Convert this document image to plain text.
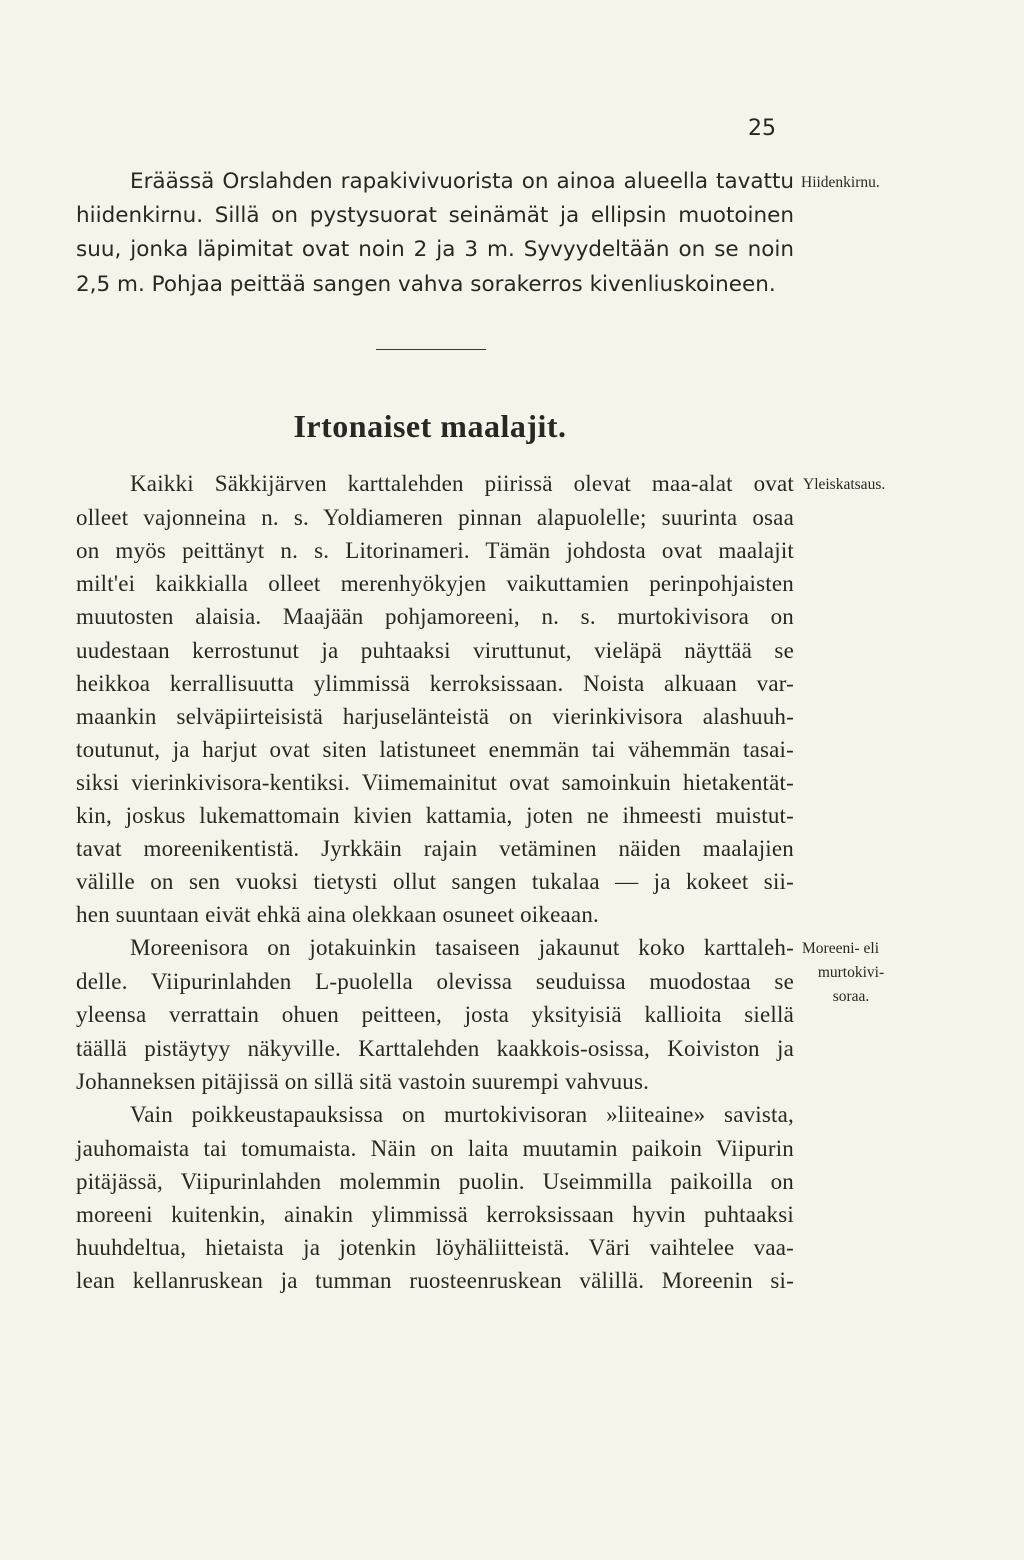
25
Eräässä Orslahden rapakivivuorista on ainoa alueella tavattu
hiidenkirnu. Sillä on pystysuorat seinämät ja ellipsin muotoinen
suu, jonka läpimitat ovat noin 2 ja 3 m. Syvyydeltään on se noin
2,5 m. Pohjaa peittää sangen vahva sorakerros kivenliuskoineen.
Hiidenkirnu.
Irtonaiset maalajit.
Kaikki Säkkijärven karttalehden piirissä olevat maa-alat ovat
olleet vajonneina n. s. Yoldiameren pinnan alapuolelle; suurinta osaa
on myös peittänyt n. s. Litorinameri. Tämän johdosta ovat maalajit
milt'ei kaikkialla olleet merenhyökyjen vaikuttamien perinpohjaisten
muutosten alaisia. Maajään pohjamoreeni, n. s. murtokivisora on
uudestaan kerrostunut ja puhtaaksi viruttunut, vieläpä näyttää se
heikkoa kerrallisuutta ylimmissä kerroksissaan. Noista alkuaan var-
maankin selväpiirteisistä harjuselänteistä on vierinkivisora alashuuh-
toutunut, ja harjut ovat siten latistuneet enemmän tai vähemmän tasai-
siksi vierinkivisora-kentiksi. Viimemainitut ovat samoinkuin hietakentät-
kin, joskus lukemattomain kivien kattamia, joten ne ihmeesti muistut-
tavat moreenikentistä. Jyrkkäin rajain vetäminen näiden maalajien
välille on sen vuoksi tietysti ollut sangen tukalaa — ja kokeet sii-
hen suuntaan eivät ehkä aina olekkaan osuneet oikeaan.
Yleiskatsaus.
Moreenisora on jotakuinkin tasaiseen jakaunut koko karttaleh-
delle. Viipurinlahden L-puolella olevissa seuduissa muodostaa se
yleensa verrattain ohuen peitteen, josta yksityisiä kallioita siellä
täällä pistäytyy näkyville. Karttalehden kaakkois-osissa, Koiviston ja
Johanneksen pitäjissä on sillä sitä vastoin suurempi vahvuus.
Moreeni- eli
murtokivi-
soraa.
Vain poikkeustapauksissa on murtokivisoran »liiteaine» savista,
jauhomaista tai tomumaista. Näin on laita muutamin paikoin Viipurin
pitäjässä, Viipurinlahden molemmin puolin. Useimmilla paikoilla on
moreeni kuitenkin, ainakin ylimmissä kerroksissaan hyvin puhtaaksi
huuhdeltua, hietaista ja jotenkin löyhäliitteistä. Väri vaihtelee vaa-
lean kellanruskean ja tumman ruosteenruskean välillä. Moreenin si-
